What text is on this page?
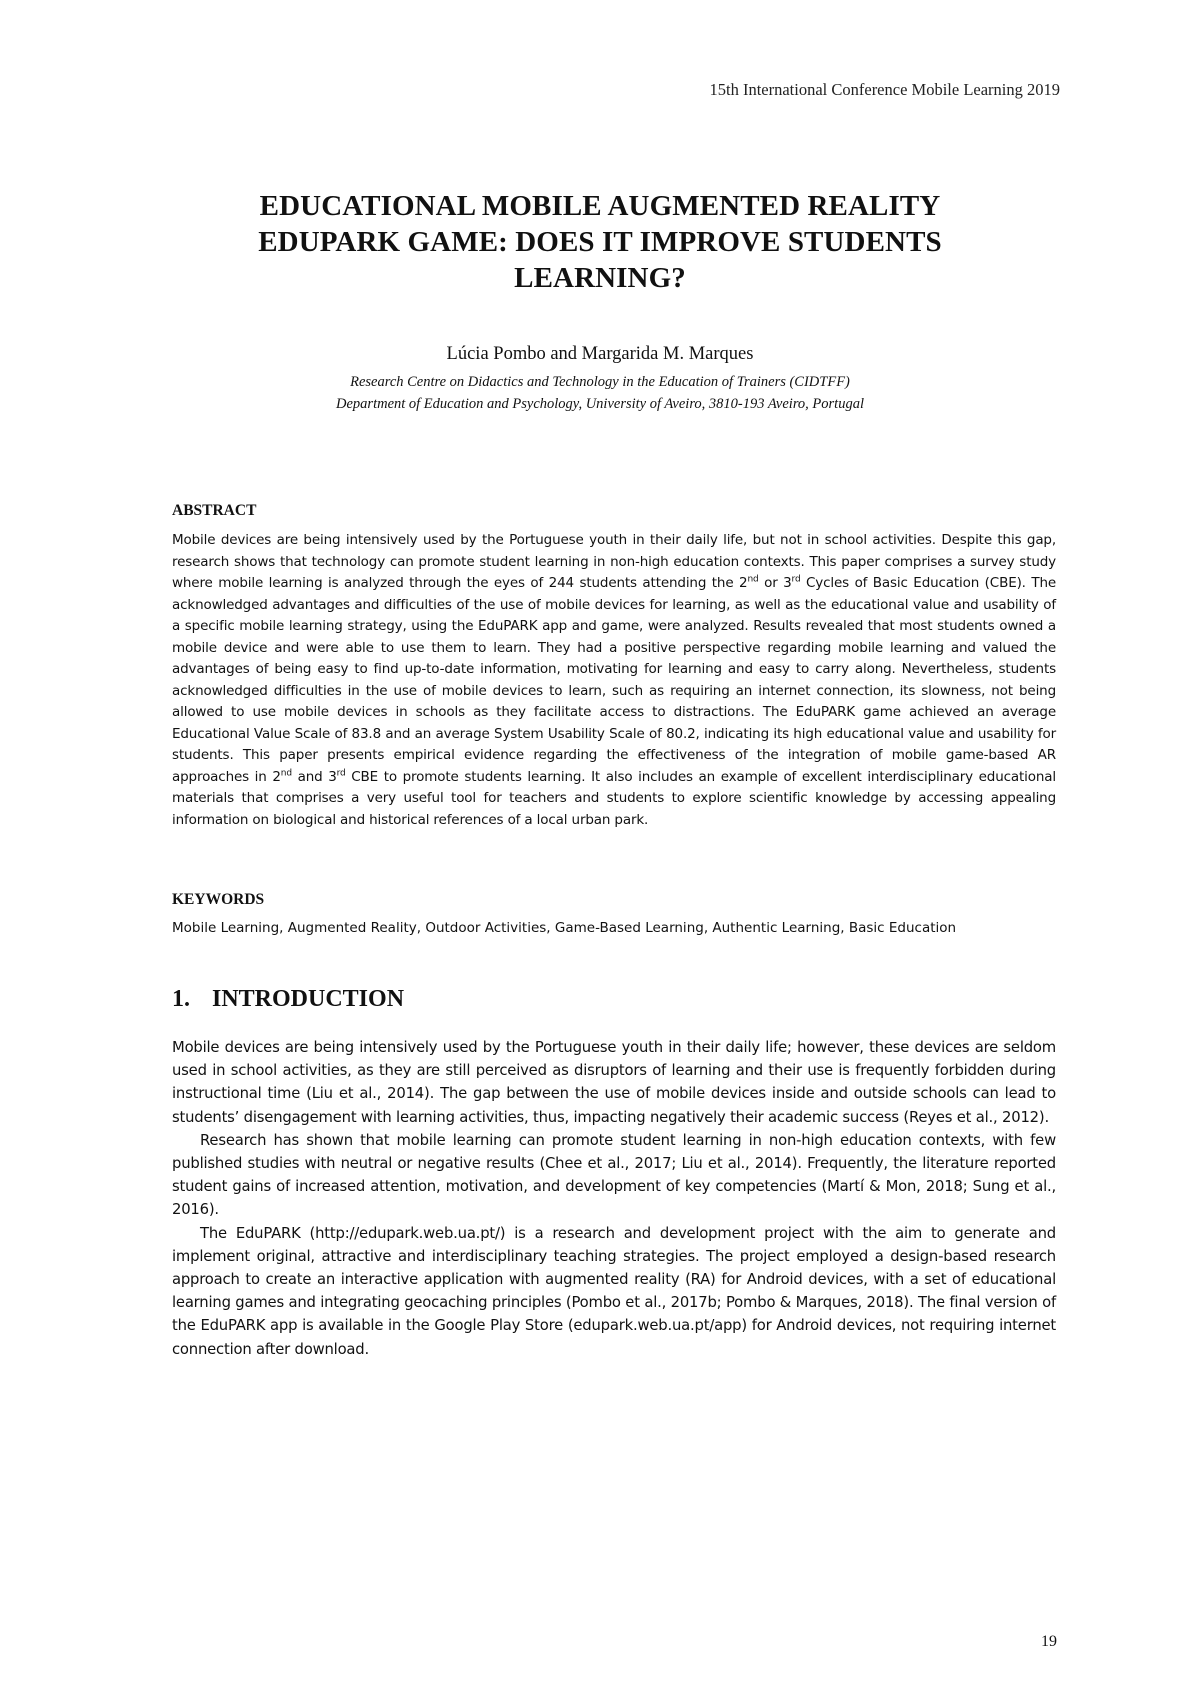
15th International Conference Mobile Learning 2019
EDUCATIONAL MOBILE AUGMENTED REALITY
EDUPARK GAME: DOES IT IMPROVE STUDENTS
LEARNING?
Lúcia Pombo and Margarida M. Marques
Research Centre on Didactics and Technology in the Education of Trainers (CIDTFF)
Department of Education and Psychology, University of Aveiro, 3810-193 Aveiro, Portugal
ABSTRACT
Mobile devices are being intensively used by the Portuguese youth in their daily life, but not in school activities. Despite this gap, research shows that technology can promote student learning in non-high education contexts. This paper comprises a survey study where mobile learning is analyzed through the eyes of 244 students attending the 2nd or 3rd Cycles of Basic Education (CBE). The acknowledged advantages and difficulties of the use of mobile devices for learning, as well as the educational value and usability of a specific mobile learning strategy, using the EduPARK app and game, were analyzed. Results revealed that most students owned a mobile device and were able to use them to learn. They had a positive perspective regarding mobile learning and valued the advantages of being easy to find up-to-date information, motivating for learning and easy to carry along. Nevertheless, students acknowledged difficulties in the use of mobile devices to learn, such as requiring an internet connection, its slowness, not being allowed to use mobile devices in schools as they facilitate access to distractions. The EduPARK game achieved an average Educational Value Scale of 83.8 and an average System Usability Scale of 80.2, indicating its high educational value and usability for students. This paper presents empirical evidence regarding the effectiveness of the integration of mobile game-based AR approaches in 2nd and 3rd CBE to promote students learning. It also includes an example of excellent interdisciplinary educational materials that comprises a very useful tool for teachers and students to explore scientific knowledge by accessing appealing information on biological and historical references of a local urban park.
KEYWORDS
Mobile Learning, Augmented Reality, Outdoor Activities, Game-Based Learning, Authentic Learning, Basic Education
1. INTRODUCTION

Mobile devices are being intensively used by the Portuguese youth in their daily life; however, these devices are seldom used in school activities, as they are still perceived as disruptors of learning and their use is frequently forbidden during instructional time (Liu et al., 2014). The gap between the use of mobile devices inside and outside schools can lead to students’ disengagement with learning activities, thus, impacting negatively their academic success (Reyes et al., 2012).

Research has shown that mobile learning can promote student learning in non-high education contexts, with few published studies with neutral or negative results (Chee et al., 2017; Liu et al., 2014). Frequently, the literature reported student gains of increased attention, motivation, and development of key competencies (Martí & Mon, 2018; Sung et al., 2016).

The EduPARK (http://edupark.web.ua.pt/) is a research and development project with the aim to generate and implement original, attractive and interdisciplinary teaching strategies. The project employed a design-based research approach to create an interactive application with augmented reality (RA) for Android devices, with a set of educational learning games and integrating geocaching principles (Pombo et al., 2017b; Pombo & Marques, 2018). The final version of the EduPARK app is available in the Google Play Store (edupark.web.ua.pt/app) for Android devices, not requiring internet connection after download.

19
